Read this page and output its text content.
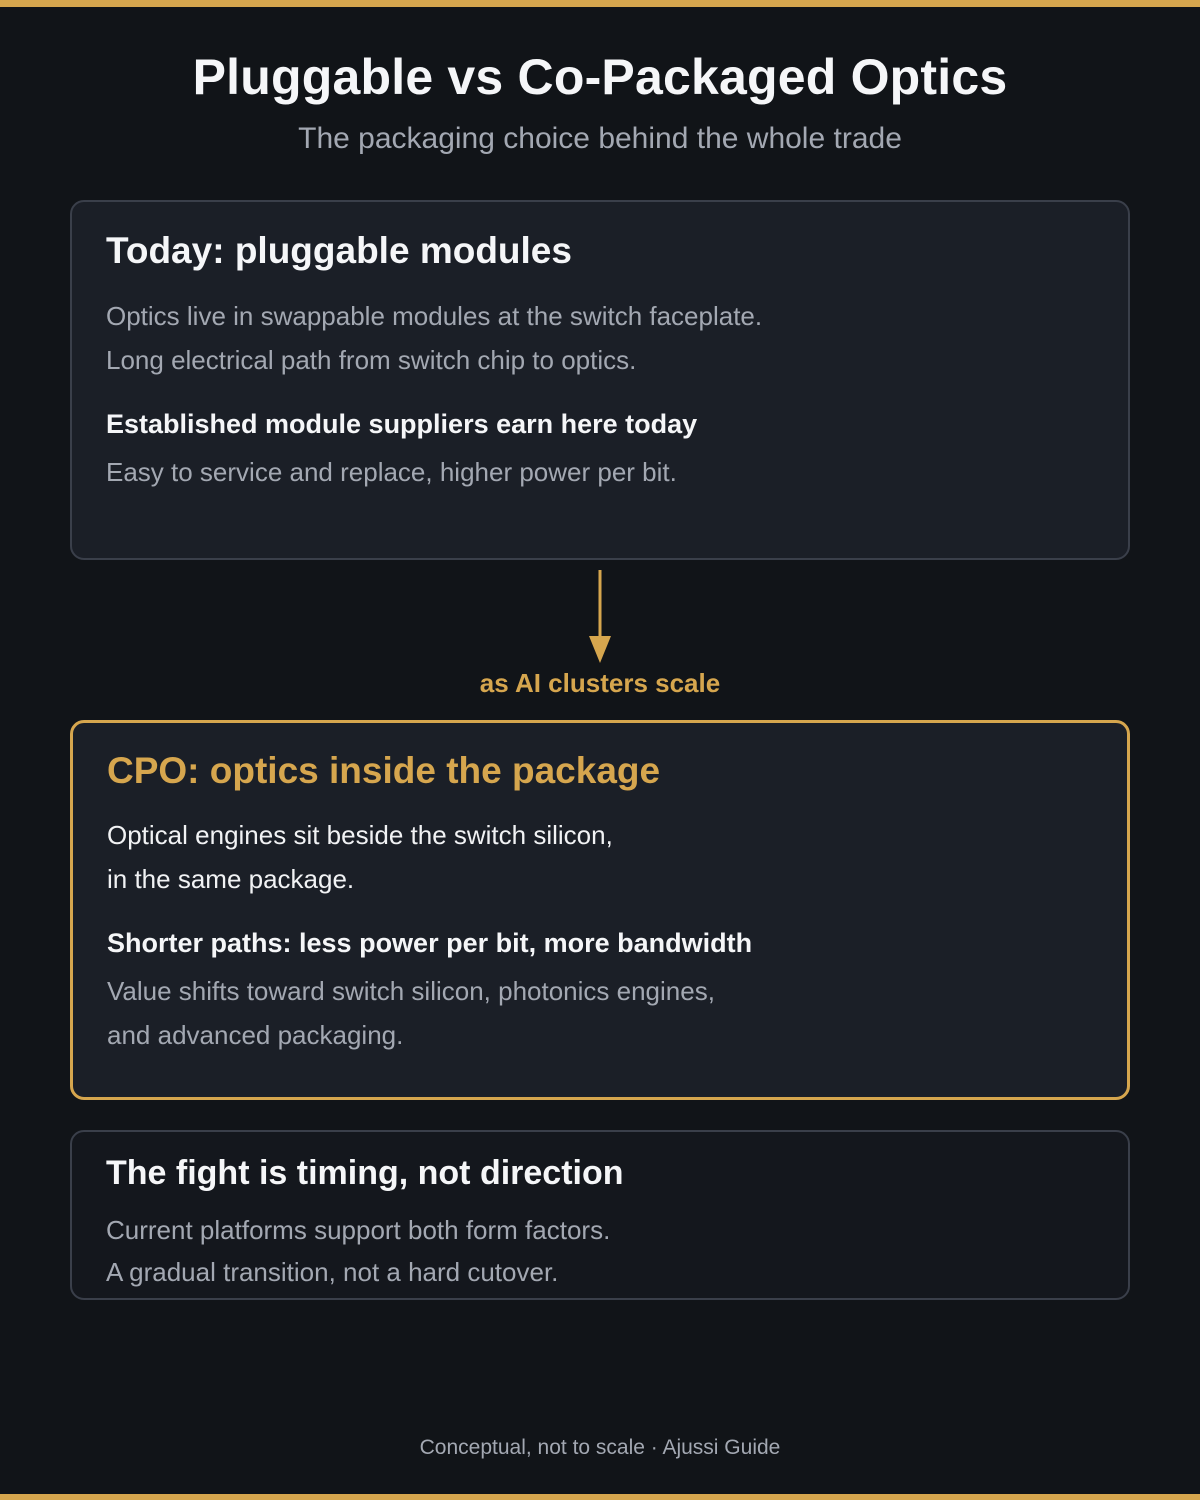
Pluggable vs Co-Packaged Optics
The packaging choice behind the whole trade
Today: pluggable modules

Optics live in swappable modules at the switch faceplate.

Long electrical path from switch chip to optics.

Established module suppliers earn here today

Easy to service and replace, higher power per bit.

as AI clusters scale
CPO: optics inside the package

Optical engines sit beside the switch silicon,

in the same package.

Shorter paths: less power per bit, more bandwidth

Value shifts toward switch silicon, photonics engines,

and advanced packaging.

The fight is timing, not direction

Current platforms support both form factors.

A gradual transition, not a hard cutover.

Conceptual, not to scale · Ajussi Guide
